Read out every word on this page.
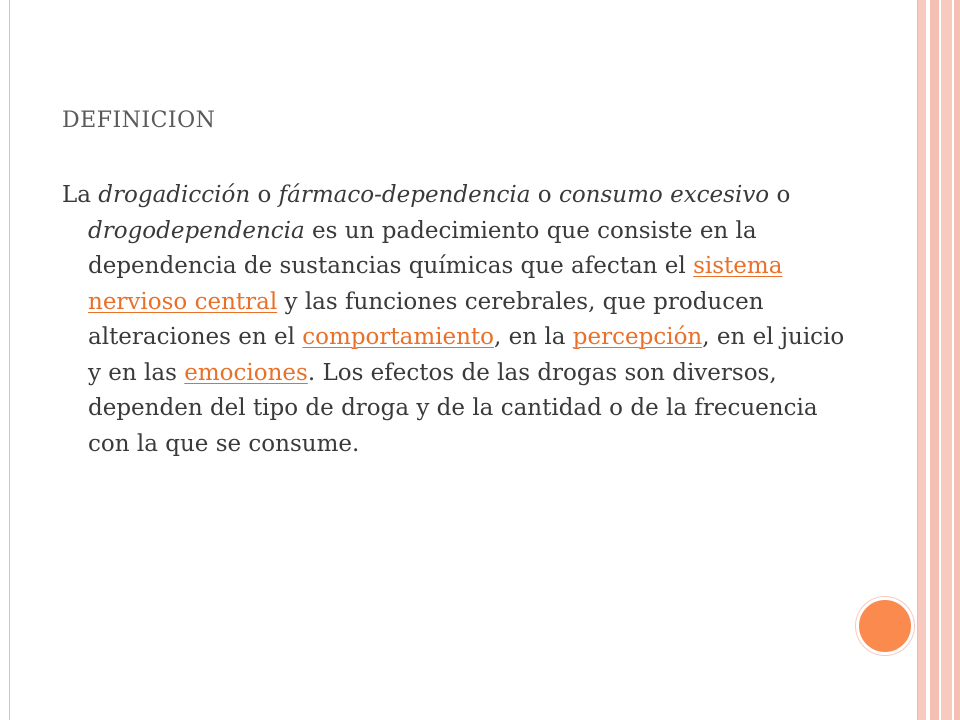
DEFINICION

La drogadicción o fármaco-dependencia o consumo excesivo o drogodependencia es un padecimiento que consiste en la dependencia de sustancias químicas que afectan el sistema nervioso central y las funciones cerebrales, que producen alteraciones en el comportamiento, en la percepción, en el juicio y en las emociones. Los efectos de las drogas son diversos, dependen del tipo de droga y de la cantidad o de la frecuencia con la que se consume.
